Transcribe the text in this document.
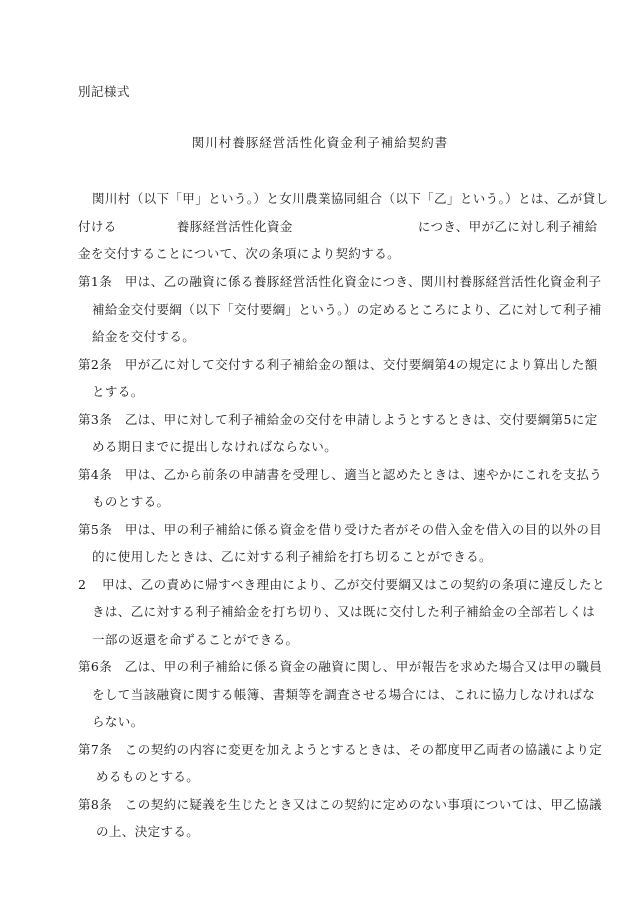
別記様式
関川村養豚経営活性化資金利子補給契約書
関川村（以下「甲」という。）と女川農業協同組合（以下「乙」という。）とは、乙が貸し
付ける	養豚経営活性化資金	につき、甲が乙に対し利子補給
金を交付することについて、次の条項により契約する。
第1条　 甲は、乙の融資に係る養豚経営活性化資金につき、関川村養豚経営活性化資金利子
補給金交付要綱（以下「交付要綱」という。）の定めるところにより、乙に対して利子補
給金を交付する。
第2条　 甲が乙に対して交付する利子補給金の額は、交付要綱第4の規定により算出した額
とする。
第3条　 乙は、甲に対して利子補給金の交付を申請しようとするときは、交付要綱第5に定
める期日までに提出しなければならない。
第4条　 甲は、乙から前条の申請書を受理し、適当と認めたときは、速やかにこれを支払う
ものとする。
第5条　 甲は、甲の利子補給に係る資金を借り受けた者がその借入金を借入の目的以外の目
的に使用したときは、乙に対する利子補給を打ち切ることができる。
2 甲は、乙の責めに帰すべき理由により、乙が交付要綱又はこの契約の条項に違反したと
きは、乙に対する利子補給金を打ち切り、又は既に交付した利子補給金の全部若しくは
一部の返還を命ずることができる。
第6条　 乙は、甲の利子補給に係る資金の融資に関し、甲が報告を求めた場合又は甲の職員
をして当該融資に関する帳簿、書類等を調査させる場合には、これに協力しなければな
らない。
第7条　 この契約の内容に変更を加えようとするときは、その都度甲乙両者の協議により定
めるものとする。
第8条　 この契約に疑義を生じたとき又はこの契約に定めのない事項については、甲乙協議
の上、決定する。
